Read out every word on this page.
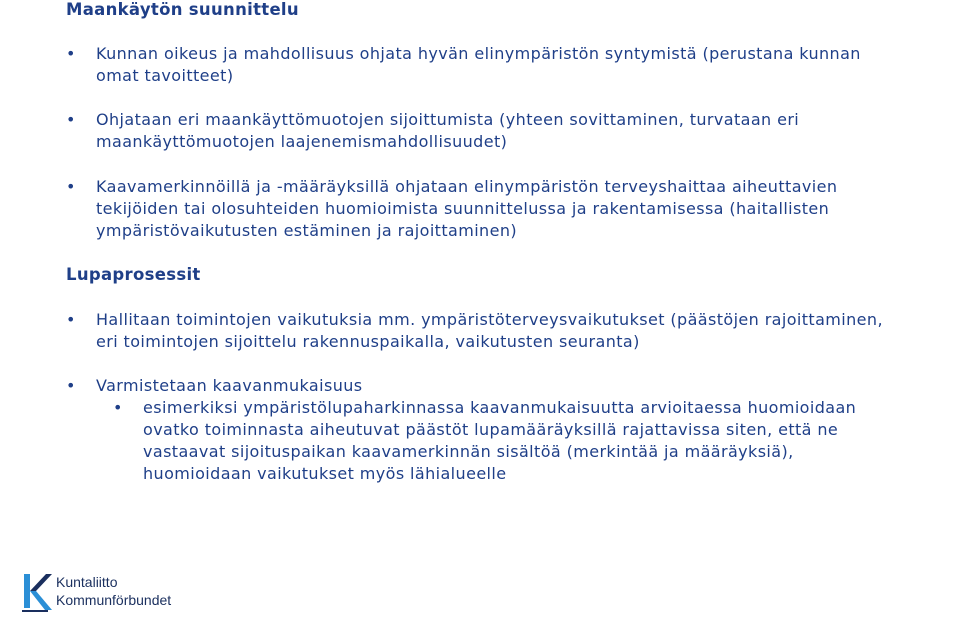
Maankäytön suunnittelu
• Kunnan oikeus ja mahdollisuus ohjata hyvän elinympäristön syntymistä (perustana kunnan omat tavoitteet)
• Ohjataan eri maankäyttömuotojen sijoittumista (yhteen sovittaminen, turvataan eri maankäyttömuotojen laajenemismahdollisuudet)
• Kaavamerkinnöillä ja -määräyksillä ohjataan elinympäristön terveyshaittaa aiheuttavien tekijöiden tai olosuhteiden huomioimista suunnittelussa ja rakentamisessa (haitallisten ympäristövaikutusten estäminen ja rajoittaminen)
Lupaprosessit
• Hallitaan toimintojen vaikutuksia mm. ympäristöterveysvaikutukset (päästöjen rajoittaminen, eri toimintojen sijoittelu rakennuspaikalla, vaikutusten seuranta)
• Varmistetaan kaavanmukaisuus
• esimerkiksi ympäristölupaharkinnassa kaavanmukaisuutta arvioitaessa huomioidaan ovatko toiminnasta aiheutuvat päästöt lupamääräyksillä rajattavissa siten, että ne vastaavat sijoituspaikan kaavamerkinnän sisältöä (merkintää ja määräyksiä), huomioidaan vaikutukset myös lähialueelle
Kuntaliitto
Kommunförbundet
